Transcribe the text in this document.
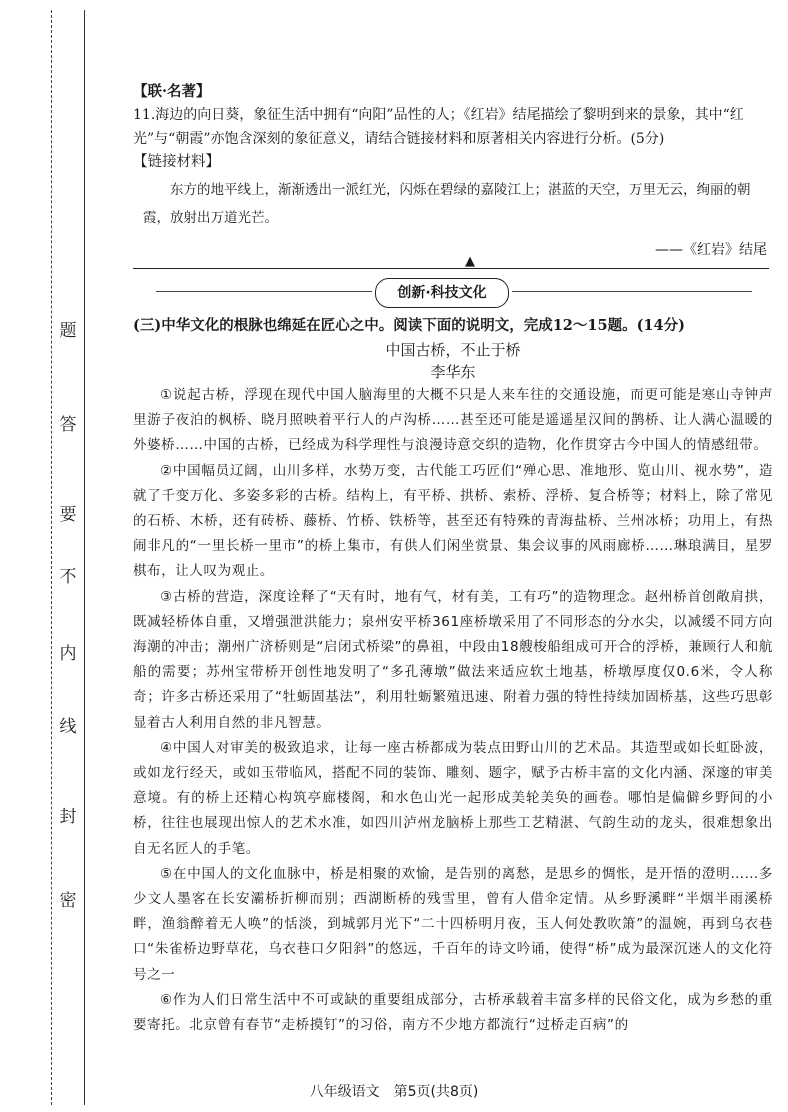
题
答
要
不
内
线
封
密

【联·名著】

11.海边的向日葵，象征生活中拥有“向阳”品性的人；《红岩》结尾描绘了黎明到来的景象，其中“红光”与“朝霞”亦饱含深刻的象征意义，请结合链接材料和原著相关内容进行分析。(5分)

【链接材料】

东方的地平线上，渐渐透出一派红光，闪烁在碧绿的嘉陵江上；湛蓝的天空，万里无云，绚丽的朝霞，放射出万道光芒。

——《红岩》结尾

▲
创新·科技文化

(三)中华文化的根脉也绵延在匠心之中。阅读下面的说明文，完成12～15题。(14分)

中国古桥，不止于桥

李华东

①说起古桥，浮现在现代中国人脑海里的大概不只是人来车往的交通设施，而更可能是寒山寺钟声里游子夜泊的枫桥、晓月照映着平行人的卢沟桥……甚至还可能是遥遥星汉间的鹊桥、让人满心温暖的外婆桥……中国的古桥，已经成为科学理性与浪漫诗意交织的造物，化作贯穿古今中国人的情感纽带。

②中国幅员辽阔，山川多样，水势万变，古代能工巧匠们“殚心思、准地形、览山川、视水势”，造就了千变万化、多姿多彩的古桥。结构上，有平桥、拱桥、索桥、浮桥、复合桥等；材料上，除了常见的石桥、木桥，还有砖桥、藤桥、竹桥、铁桥等，甚至还有特殊的青海盐桥、兰州冰桥；功用上，有热闹非凡的“一里长桥一里市”的桥上集市，有供人们闲坐赏景、集会议事的风雨廊桥……琳琅满目，星罗棋布，让人叹为观止。

③古桥的营造，深度诠释了“天有时，地有气，材有美，工有巧”的造物理念。赵州桥首创敞肩拱，既减轻桥体自重，又增强泄洪能力；泉州安平桥361座桥墩采用了不同形态的分水尖，以减缓不同方向海潮的冲击；潮州广济桥则是“启闭式桥梁”的鼻祖，中段由18艘梭船组成可开合的浮桥，兼顾行人和航船的需要；苏州宝带桥开创性地发明了“多孔薄墩”做法来适应软土地基，桥墩厚度仅0.6米，令人称奇；许多古桥还采用了“牡蛎固基法”，利用牡蛎繁殖迅速、附着力强的特性持续加固桥基，这些巧思彰显着古人利用自然的非凡智慧。

④中国人对审美的极致追求，让每一座古桥都成为装点田野山川的艺术品。其造型或如长虹卧波，或如龙行经天，或如玉带临风，搭配不同的装饰、雕刻、题字，赋予古桥丰富的文化内涵、深邃的审美意境。有的桥上还精心构筑亭廊楼阁，和水色山光一起形成美轮美奂的画卷。哪怕是偏僻乡野间的小桥，往往也展现出惊人的艺术水准，如四川泸州龙脑桥上那些工艺精湛、气韵生动的龙头，很难想象出自无名匠人的手笔。

⑤在中国人的文化血脉中，桥是相聚的欢愉，是告别的离愁，是思乡的惆怅，是开悟的澄明……多少文人墨客在长安灞桥折柳而别；西湖断桥的残雪里，曾有人借伞定情。从乡野溪畔“半烟半雨溪桥畔，渔翁醉着无人唤”的恬淡，到城郭月光下“二十四桥明月夜，玉人何处教吹箫”的温婉，再到乌衣巷口“朱雀桥边野草花，乌衣巷口夕阳斜”的悠远，千百年的诗文吟诵，使得“桥”成为最深沉迷人的文化符号之一

⑥作为人们日常生活中不可或缺的重要组成部分，古桥承载着丰富多样的民俗文化，成为乡愁的重要寄托。北京曾有春节“走桥摸钉”的习俗，南方不少地方都流行“过桥走百病”的

八年级语文　第5页(共8页)
